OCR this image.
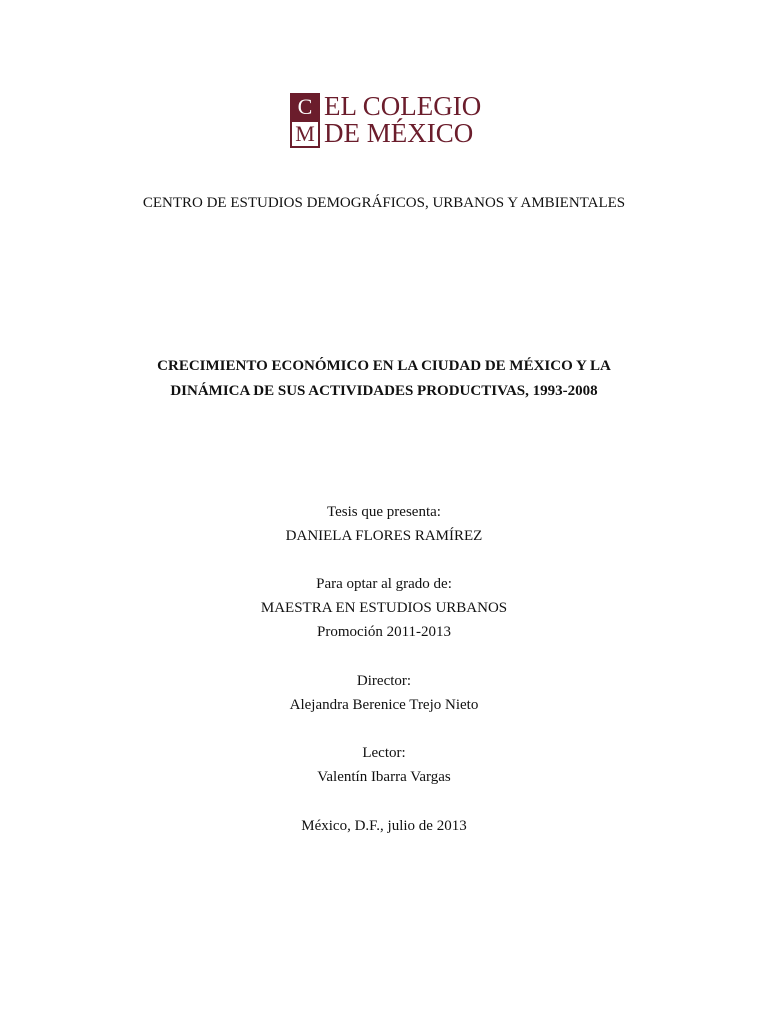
C
M
EL COLEGIO
DE MÉXICO
CENTRO DE ESTUDIOS DEMOGRÁFICOS, URBANOS Y AMBIENTALES
CRECIMIENTO ECONÓMICO EN LA CIUDAD DE MÉXICO Y LA
DINÁMICA DE SUS ACTIVIDADES PRODUCTIVAS, 1993-2008
Tesis que presenta:
DANIELA FLORES RAMÍREZ
Para optar al grado de:
MAESTRA EN ESTUDIOS URBANOS
Promoción 2011-2013
Director:
Alejandra Berenice Trejo Nieto
Lector:
Valentín Ibarra Vargas
México, D.F., julio de 2013
